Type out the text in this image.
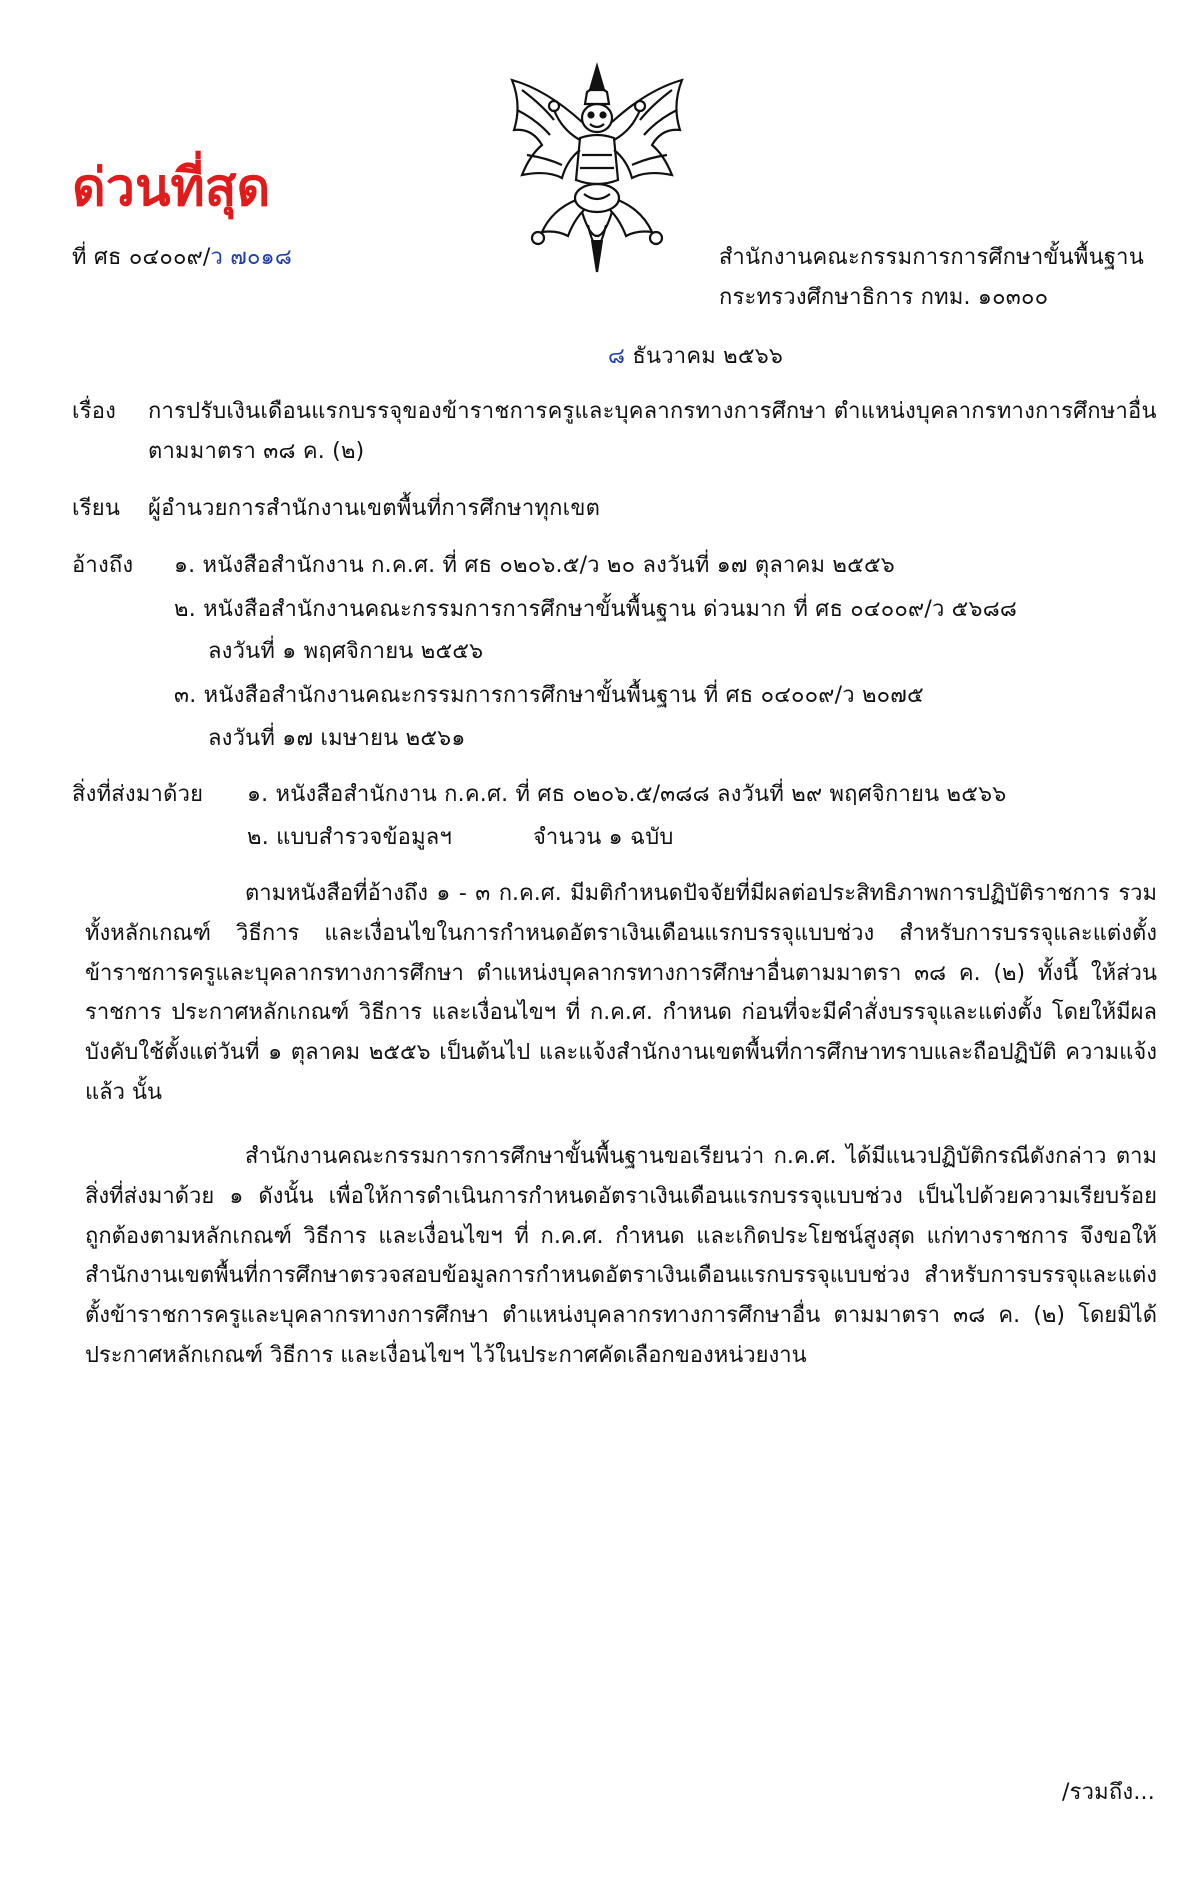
ด่วนที่สุด
ที่ ศธ ๐๔๐๐๙/ว ๗๐๑๘	สำนักงานคณะกรรมการการศึกษาขั้นพื้นฐาน
กระทรวงศึกษาธิการ กทม. ๑๐๓๐๐
๘ ธันวาคม ๒๕๖๖
เรื่อง การปรับเงินเดือนแรกบรรจุของข้าราชการครูและบุคลากรทางการศึกษา ตำแหน่งบุคลากรทางการศึกษาอื่น
ตามมาตรา ๓๘ ค. (๒)
เรียน ผู้อำนวยการสำนักงานเขตพื้นที่การศึกษาทุกเขต
อ้างถึง ๑. หนังสือสำนักงาน ก.ค.ศ. ที่ ศธ ๐๒๐๖.๕/ว ๒๐ ลงวันที่ ๑๗ ตุลาคม ๒๕๕๖
๒. หนังสือสำนักงานคณะกรรมการการศึกษาขั้นพื้นฐาน ด่วนมาก ที่ ศธ ๐๔๐๐๙/ว ๕๖๘๘
ลงวันที่ ๑ พฤศจิกายน ๒๕๕๖
๓. หนังสือสำนักงานคณะกรรมการการศึกษาขั้นพื้นฐาน ที่ ศธ ๐๔๐๐๙/ว ๒๐๗๕
ลงวันที่ ๑๗ เมษายน ๒๕๖๑
สิ่งที่ส่งมาด้วย ๑. หนังสือสำนักงาน ก.ค.ศ. ที่ ศธ ๐๒๐๖.๕/๓๘๘ ลงวันที่ ๒๙ พฤศจิกายน ๒๕๖๖
๒. แบบสำรวจข้อมูลฯ	จำนวน ๑ ฉบับ
ตามหนังสือที่อ้างถึง ๑ - ๓ ก.ค.ศ. มีมติกำหนดปัจจัยที่มีผลต่อประสิทธิภาพการปฏิบัติราชการ รวมทั้งหลักเกณฑ์ วิธีการ และเงื่อนไขในการกำหนดอัตราเงินเดือนแรกบรรจุแบบช่วง สำหรับการบรรจุและแต่งตั้งข้าราชการครูและบุคลากรทางการศึกษา ตำแหน่งบุคลากรทางการศึกษาอื่นตามมาตรา ๓๘ ค. (๒) ทั้งนี้ ให้ส่วนราชการ ประกาศหลักเกณฑ์ วิธีการ และเงื่อนไขฯ ที่ ก.ค.ศ. กำหนด ก่อนที่จะมีคำสั่งบรรจุและแต่งตั้ง โดยให้มีผลบังคับใช้ตั้งแต่วันที่ ๑ ตุลาคม ๒๕๕๖ เป็นต้นไป และแจ้งสำนักงานเขตพื้นที่การศึกษาทราบและถือปฏิบัติ ความแจ้งแล้ว นั้น
สำนักงานคณะกรรมการการศึกษาขั้นพื้นฐานขอเรียนว่า ก.ค.ศ. ได้มีแนวปฏิบัติกรณีดังกล่าว ตามสิ่งที่ส่งมาด้วย ๑ ดังนั้น เพื่อให้การดำเนินการกำหนดอัตราเงินเดือนแรกบรรจุแบบช่วง เป็นไปด้วยความเรียบร้อย ถูกต้องตามหลักเกณฑ์ วิธีการ และเงื่อนไขฯ ที่ ก.ค.ศ. กำหนด และเกิดประโยชน์สูงสุด แก่ทางราชการ จึงขอให้สำนักงานเขตพื้นที่การศึกษาตรวจสอบข้อมูลการกำหนดอัตราเงินเดือนแรกบรรจุแบบช่วง สำหรับการบรรจุและแต่งตั้งข้าราชการครูและบุคลากรทางการศึกษา ตำแหน่งบุคลากรทางการศึกษาอื่น ตามมาตรา ๓๘ ค. (๒) โดยมิได้ประกาศหลักเกณฑ์ วิธีการ และเงื่อนไขฯ ไว้ในประกาศคัดเลือกของหน่วยงาน
/รวมถึง...
